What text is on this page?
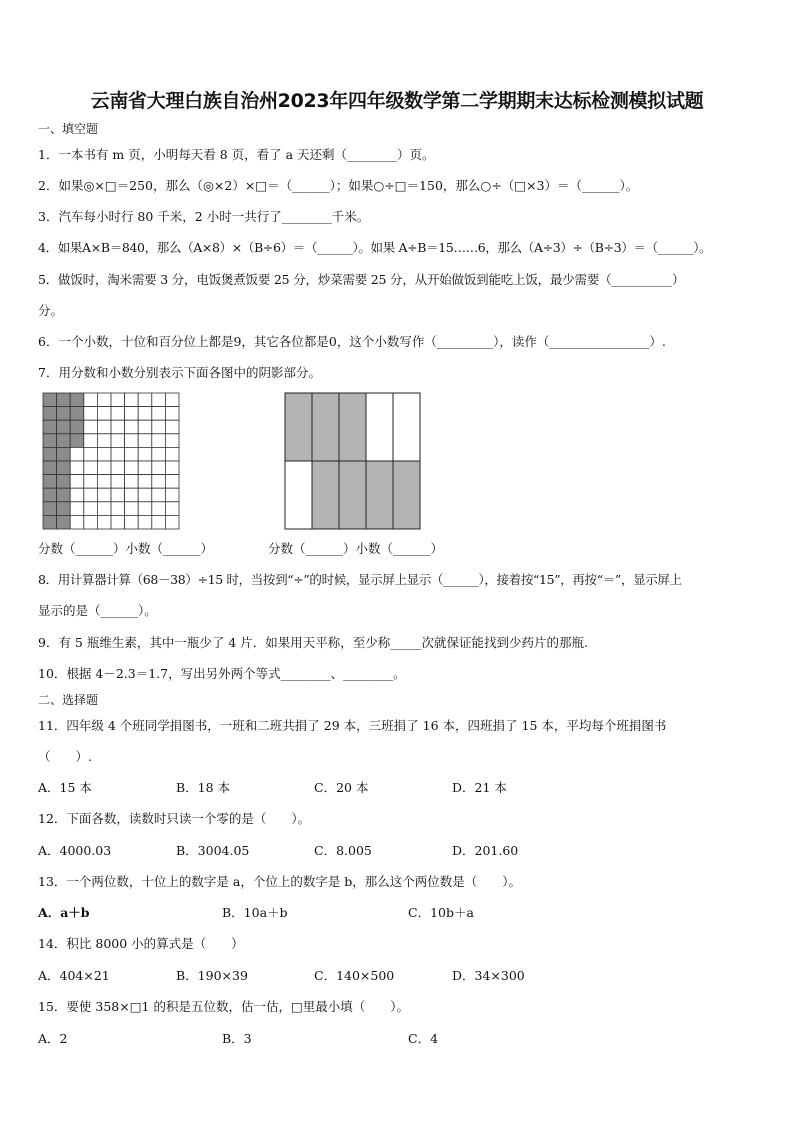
云南省大理白族自治州2023年四年级数学第二学期期末达标检测模拟试题
一、填空题
1．一本书有 m 页，小明每天看 8 页，看了 a 天还剩（________）页。
2．如果◎×□＝250，那么（◎×2）×□＝（______）；如果○÷□＝150，那么○÷（□×3）＝（______）。
3．汽车每小时行 80 千米，2 小时一共行了________千米。
4．如果A×B＝840，那么（A×8）×（B÷6）＝（______）。如果 A÷B＝15……6，那么（A÷3）÷（B÷3）＝（______）。
5．做饭时，淘米需要 3 分，电饭煲煮饭要 25 分，炒菜需要 25 分，从开始做饭到能吃上饭，最少需要（__________）
分。
6．一个小数，十位和百分位上都是9，其它各位都是0，这个小数写作（_________），读作（________________）.
7．用分数和小数分别表示下面各图中的阴影部分。
分数（______）小数（______）	分数（______）小数（______）
8．用计算器计算（68－38）÷15 时，当按到“÷”的时候，显示屏上显示（______），接着按“15”，再按“＝”，显示屏上
显示的是（______）。
9．有 5 瓶维生素，其中一瓶少了 4 片．如果用天平称，至少称_____次就保证能找到少药片的那瓶.
10．根据 4－2.3＝1.7，写出另外两个等式________、________。
二、选择题
11．四年级 4 个班同学捐图书，一班和二班共捐了 29 本，三班捐了 16 本，四班捐了 15 本，平均每个班捐图书
（　　）.
A．15 本	B．18 本	C．20 本	D．21 本
12．下面各数，读数时只读一个零的是（　　）。
A．4000.03	B．3004.05	C．8.005	D．201.60
13．一个两位数，十位上的数字是 a，个位上的数字是 b，那么这个两位数是（　　）。
A．a＋b	B．10a＋b	C．10b＋a
14．积比 8000 小的算式是（　　）
A．404×21	B．190×39	C．140×500	D．34×300
15．要使 358×□1 的积是五位数，估一估，□里最小填（　　）。
A．2	B．3	C．4
